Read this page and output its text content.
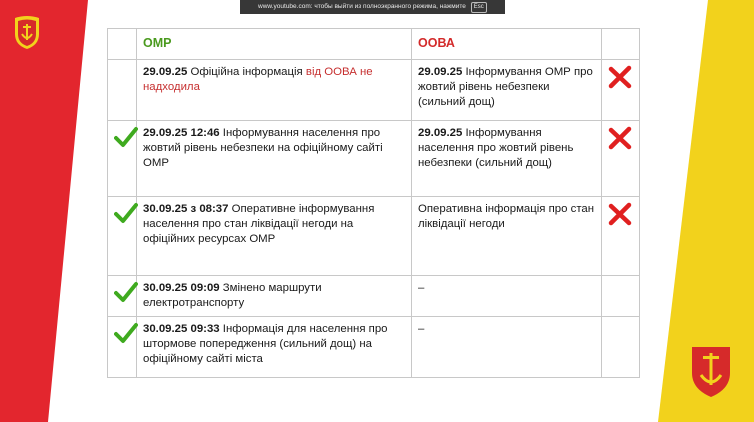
www.youtube.com: чтобы выйти из полноэкранного режима, нажмите Esc
	ОМР	ООВА	
	29.09.25 Офіційна інформація від ООВА не надходила	29.09.25 Інформування ОМР про жовтий рівень небезпеки (сильний дощ)	
	29.09.25 12:46 Інформування населення про жовтий рівень небезпеки на офіційному сайті ОМР	29.09.25 Інформування населення про жовтий рівень небезпеки (сильний дощ)	
	30.09.25 з 08:37 Оперативне інформування населення про стан ліквідації негоди на офіційних ресурсах ОМР	Оперативна інформація про стан ліквідації негоди	
	30.09.25 09:09 Змінено маршрути електротранспорту	–	
	30.09.25 09:33 Інформація для населення про штормове попередження (сильний дощ) на офіційному сайті міста	–	
